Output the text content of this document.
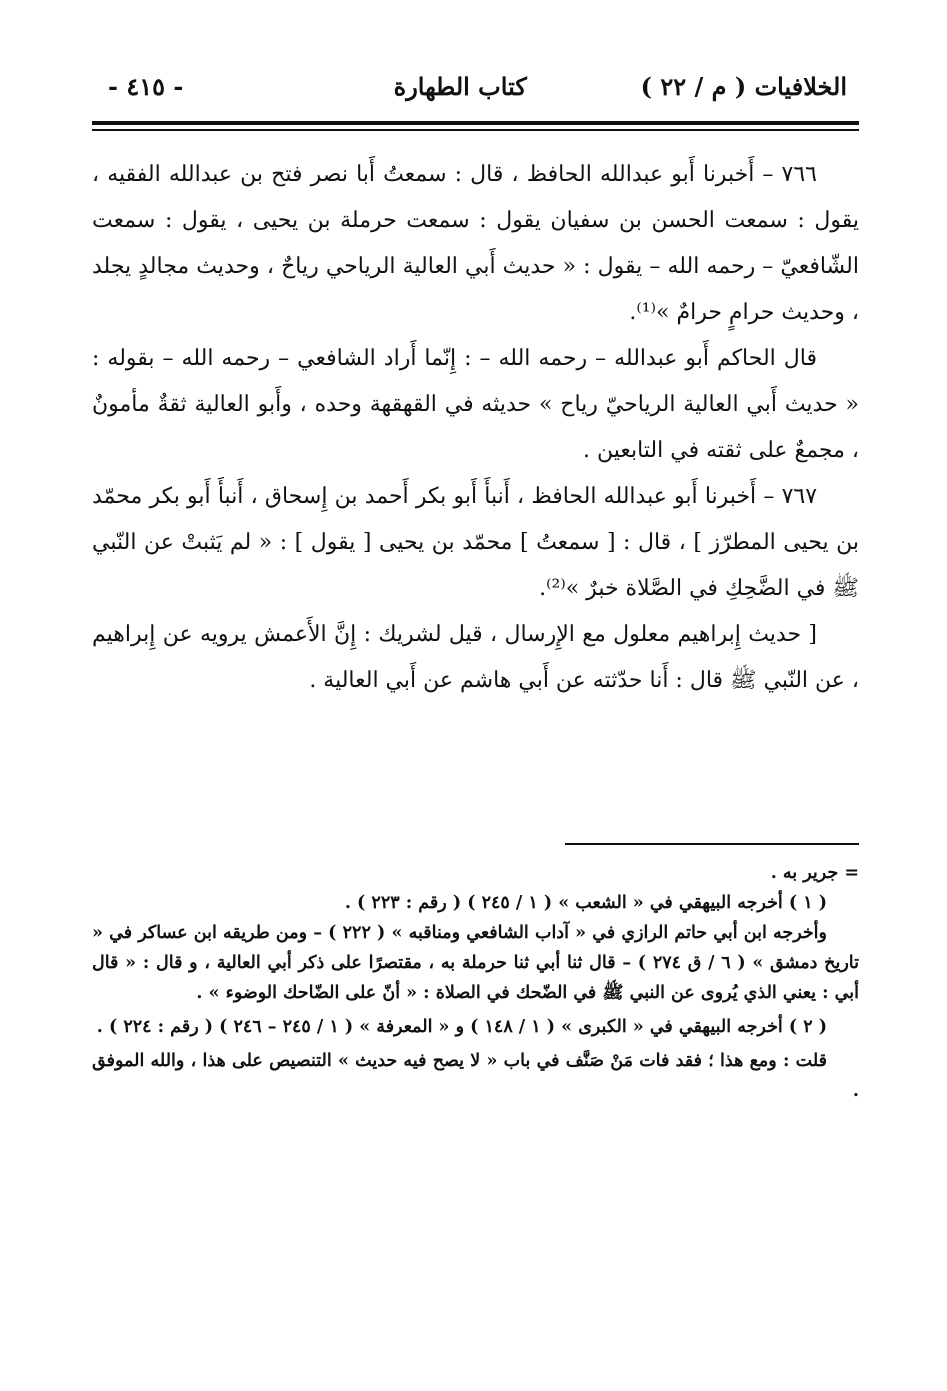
الخلافيات ( م / ٢٢ )
كتاب الطهارة
- ٤١٥ -

٧٦٦ – أَخبرنا أَبو عبدالله الحافظ ، قال : سمعتُ أَبا نصر فتح بن عبدالله الفقيه ، يقول : سمعت الحسن بن سفيان يقول : سمعت حرملة بن يحيى ، يقول : سمعت الشّافعيّ – رحمه الله – يقول : « حديث أَبي العالية الرياحي رياحٌ ، وحديث مجالدٍ يجلد ، وحديث حرامٍ حرامٌ »⁽¹⁾.

قال الحاكم أَبو عبدالله – رحمه الله – : إِنّما أَراد الشافعي – رحمه الله – بقوله : « حديث أَبي العالية الرياحيّ رياح » حديثه في القهقهة وحده ، وأَبو العالية ثقةٌ مأمونٌ ، مجمعٌ على ثقته في التابعين .

٧٦٧ – أَخبرنا أَبو عبدالله الحافظ ، أَنبأَ أَبو بكر أَحمد بن إِسحاق ، أَنبأَ أَبو بكر محمّد بن يحيى المطرّز ] ، قال : [ سمعتُ ] محمّد بن يحيى [ يقول ] : « لم يَثبتْ عن النّبي ﷺ في الضَّحِكِ في الصَّلاة خبرٌ »⁽²⁾.

[ حديث إِبراهيم معلول مع الإِرسال ، قيل لشريك : إِنَّ الأَعمش يرويه عن إِبراهيم ، عن النّبي ﷺ قال : أَنا حدّثته عن أَبي هاشم عن أَبي العالية .

= جرير به .

( ١ ) أخرجه البيهقي في « الشعب » ( ١ / ٢٤٥ ) ( رقم : ٢٢٣ ) .

وأخرجه ابن أبي حاتم الرازي في « آداب الشافعي ومناقبه » ( ٢٢٢ ) – ومن طريقه ابن عساكر في « تاريخ دمشق » ( ٦ / ق ٢٧٤ ) – قال ثنا أبي ثنا حرملة به ، مقتصرًا على ذكر أبي العالية ، و قال : « قال أبي : يعني الذي يُروى عن النبي ﷺ في الضّحك في الصلاة : « أنّ على الضّاحك الوضوء » .

( ٢ ) أخرجه البيهقي في « الكبرى » ( ١ / ١٤٨ ) و « المعرفة » ( ١ / ٢٤٥ – ٢٤٦ ) ( رقم : ٢٢٤ ) .

قلت : ومع هذا ؛ فقد فات مَنْ صَنَّف في باب « لا يصح فيه حديث » التنصيص على هذا ، والله الموفق .
